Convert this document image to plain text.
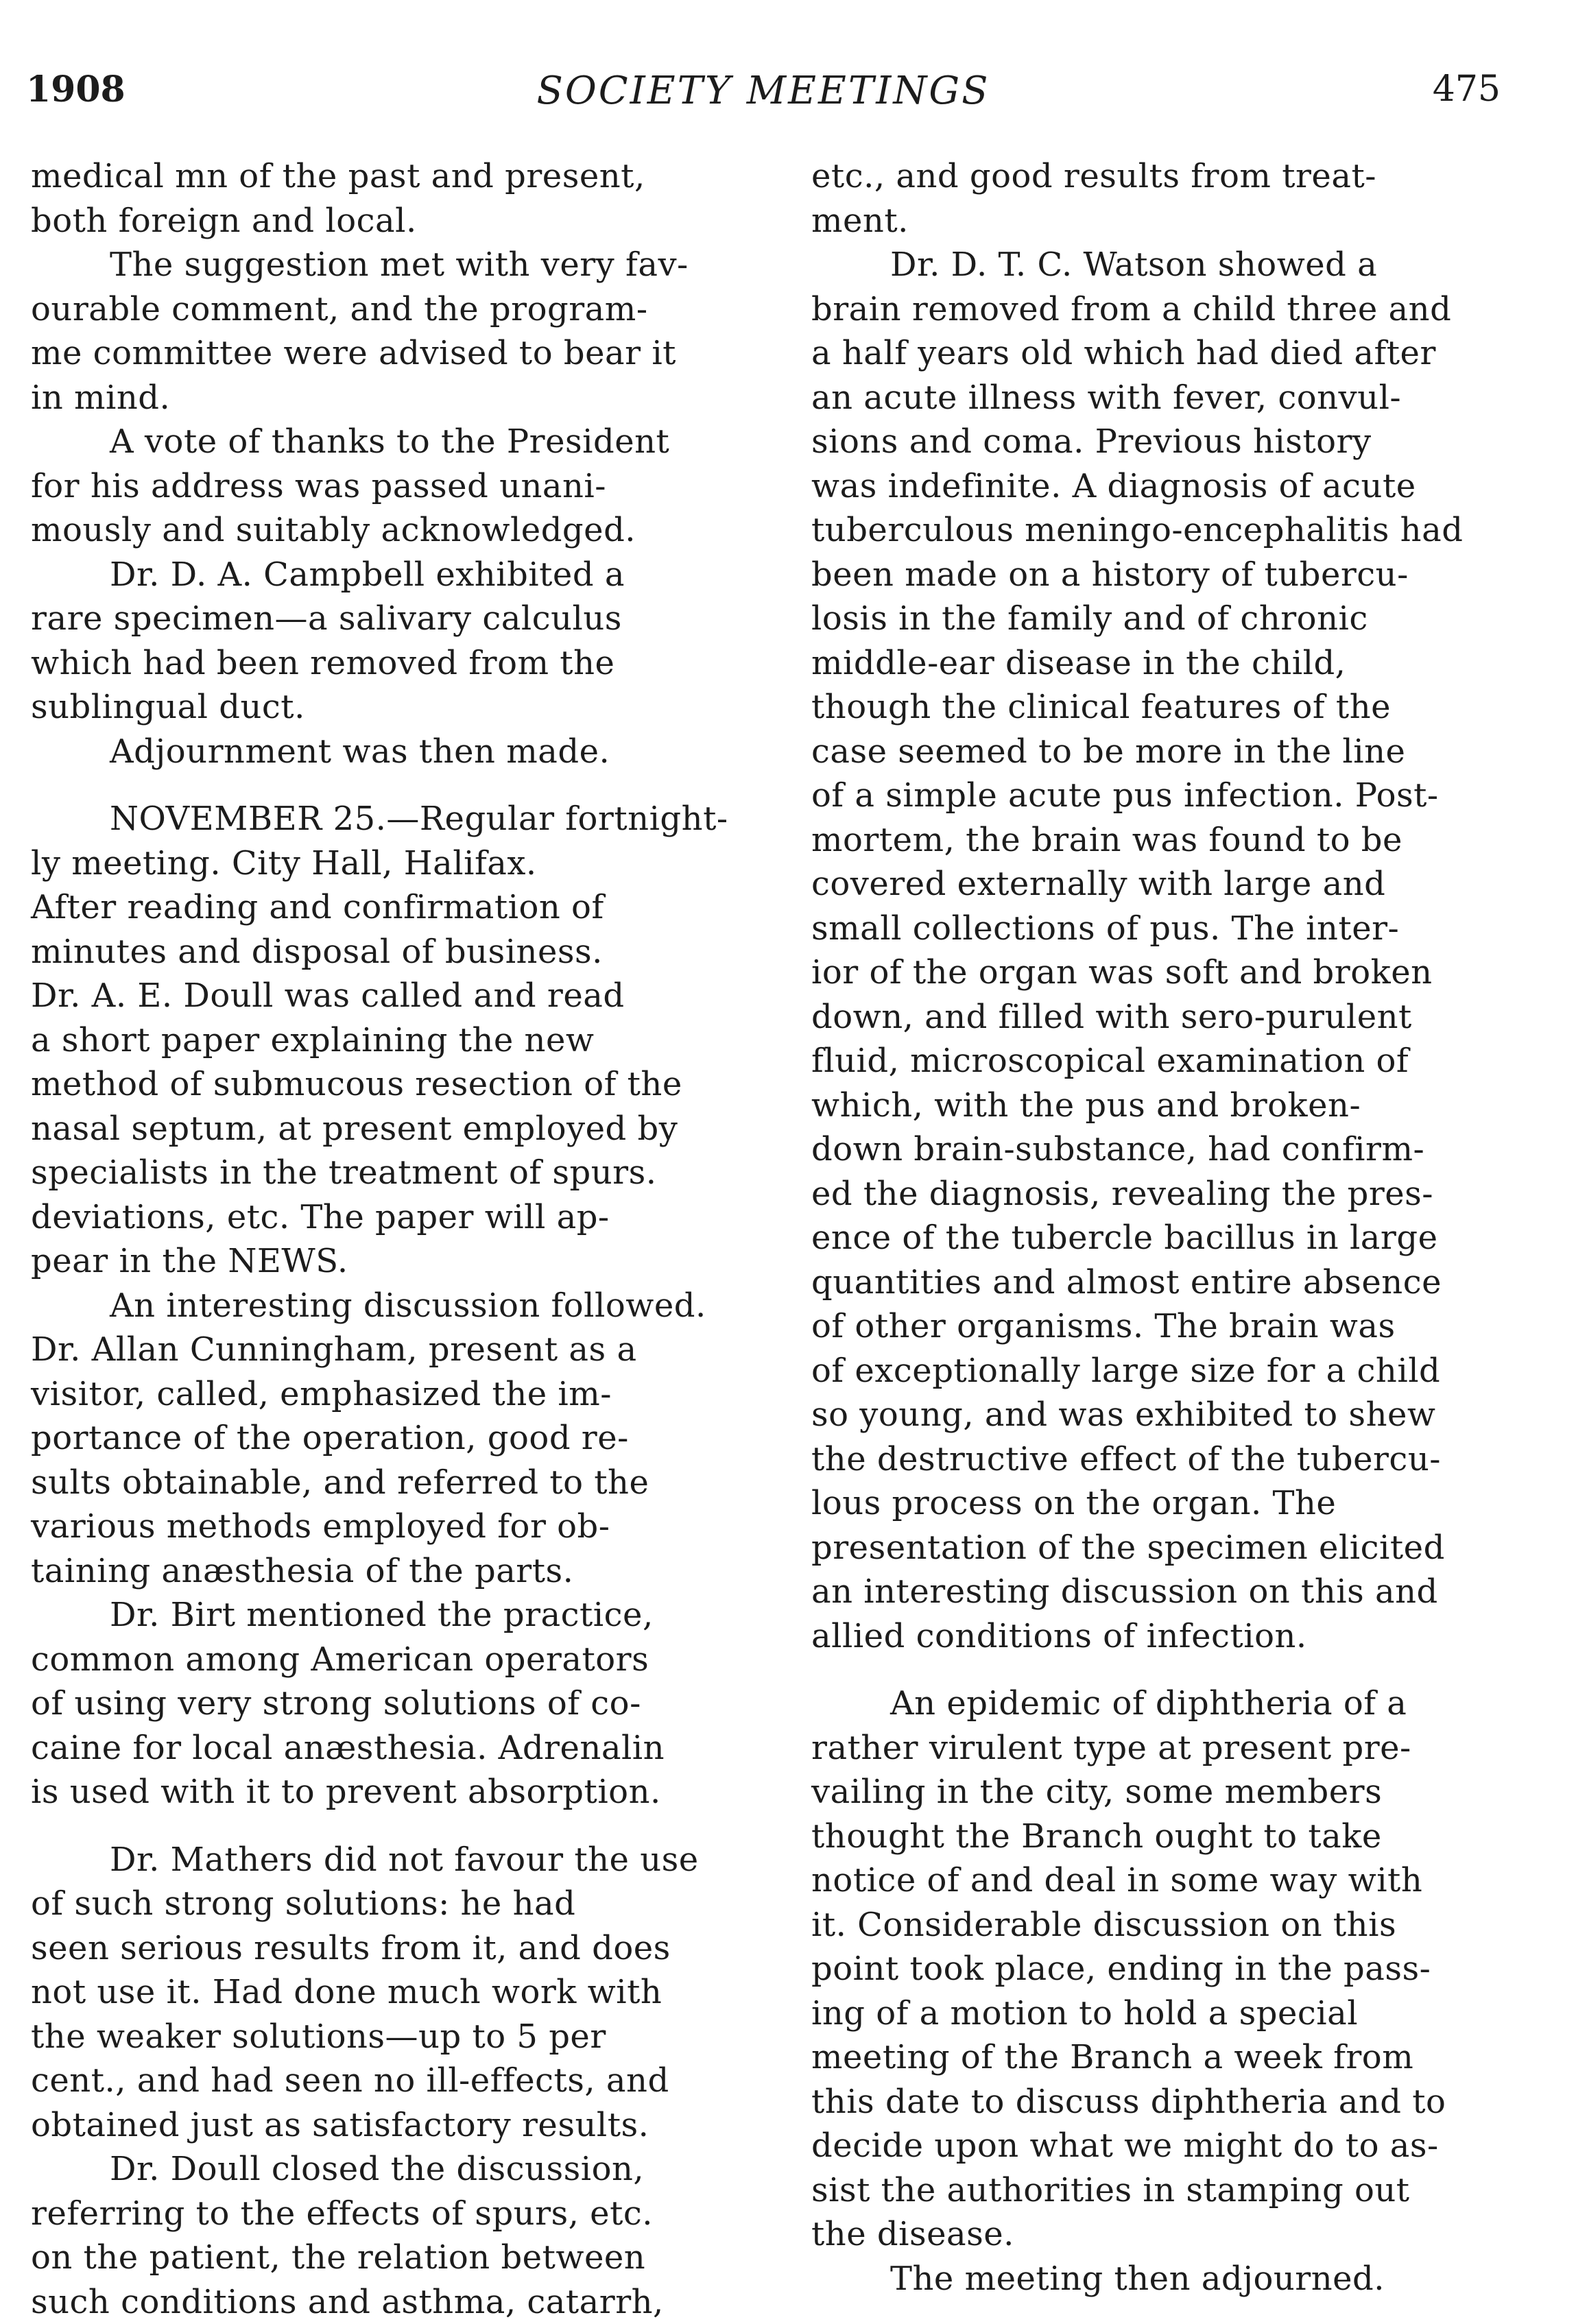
1908	SOCIETY MEETINGS	475
medical mn of the past and present,
both foreign and local.
The suggestion met with very fav-
ourable comment, and the program-
me committee were advised to bear it
in mind.
A vote of thanks to the President
for his address was passed unani-
mously and suitably acknowledged.
Dr. D. A. Campbell exhibited a
rare specimen—a salivary calculus
which had been removed from the
sublingual duct.
Adjournment was then made.
NOVEMBER 25.—Regular fortnight-
ly meeting. City Hall, Halifax.
After reading and confirmation of
minutes and disposal of business.
Dr. A. E. Doull was called and read
a short paper explaining the new
method of submucous resection of the
nasal septum, at present employed by
specialists in the treatment of spurs.
deviations, etc. The paper will ap-
pear in the NEWS.
An interesting discussion followed.
Dr. Allan Cunningham, present as a
visitor, called, emphasized the im-
portance of the operation, good re-
sults obtainable, and referred to the
various methods employed for ob-
taining anæsthesia of the parts.
Dr. Birt mentioned the practice,
common among American operators
of using very strong solutions of co-
caine for local anæsthesia. Adrenalin
is used with it to prevent absorption.
Dr. Mathers did not favour the use
of such strong solutions: he had
seen serious results from it, and does
not use it. Had done much work with
the weaker solutions—up to 5 per
cent., and had seen no ill-effects, and
obtained just as satisfactory results.
Dr. Doull closed the discussion,
referring to the effects of spurs, etc.
on the patient, the relation between
such conditions and asthma, catarrh,
etc., and good results from treat-
ment.
Dr. D. T. C. Watson showed a
brain removed from a child three and
a half years old which had died after
an acute illness with fever, convul-
sions and coma. Previous history
was indefinite. A diagnosis of acute
tuberculous meningo-encephalitis had
been made on a history of tubercu-
losis in the family and of chronic
middle-ear disease in the child,
though the clinical features of the
case seemed to be more in the line
of a simple acute pus infection. Post-
mortem, the brain was found to be
covered externally with large and
small collections of pus. The inter-
ior of the organ was soft and broken
down, and filled with sero-purulent
fluid, microscopical examination of
which, with the pus and broken-
down brain-substance, had confirm-
ed the diagnosis, revealing the pres-
ence of the tubercle bacillus in large
quantities and almost entire absence
of other organisms. The brain was
of exceptionally large size for a child
so young, and was exhibited to shew
the destructive effect of the tubercu-
lous process on the organ. The
presentation of the specimen elicited
an interesting discussion on this and
allied conditions of infection.
An epidemic of diphtheria of a
rather virulent type at present pre-
vailing in the city, some members
thought the Branch ought to take
notice of and deal in some way with
it. Considerable discussion on this
point took place, ending in the pass-
ing of a motion to hold a special
meeting of the Branch a week from
this date to discuss diphtheria and to
decide upon what we might do to as-
sist the authorities in stamping out
the disease.
The meeting then adjourned.
